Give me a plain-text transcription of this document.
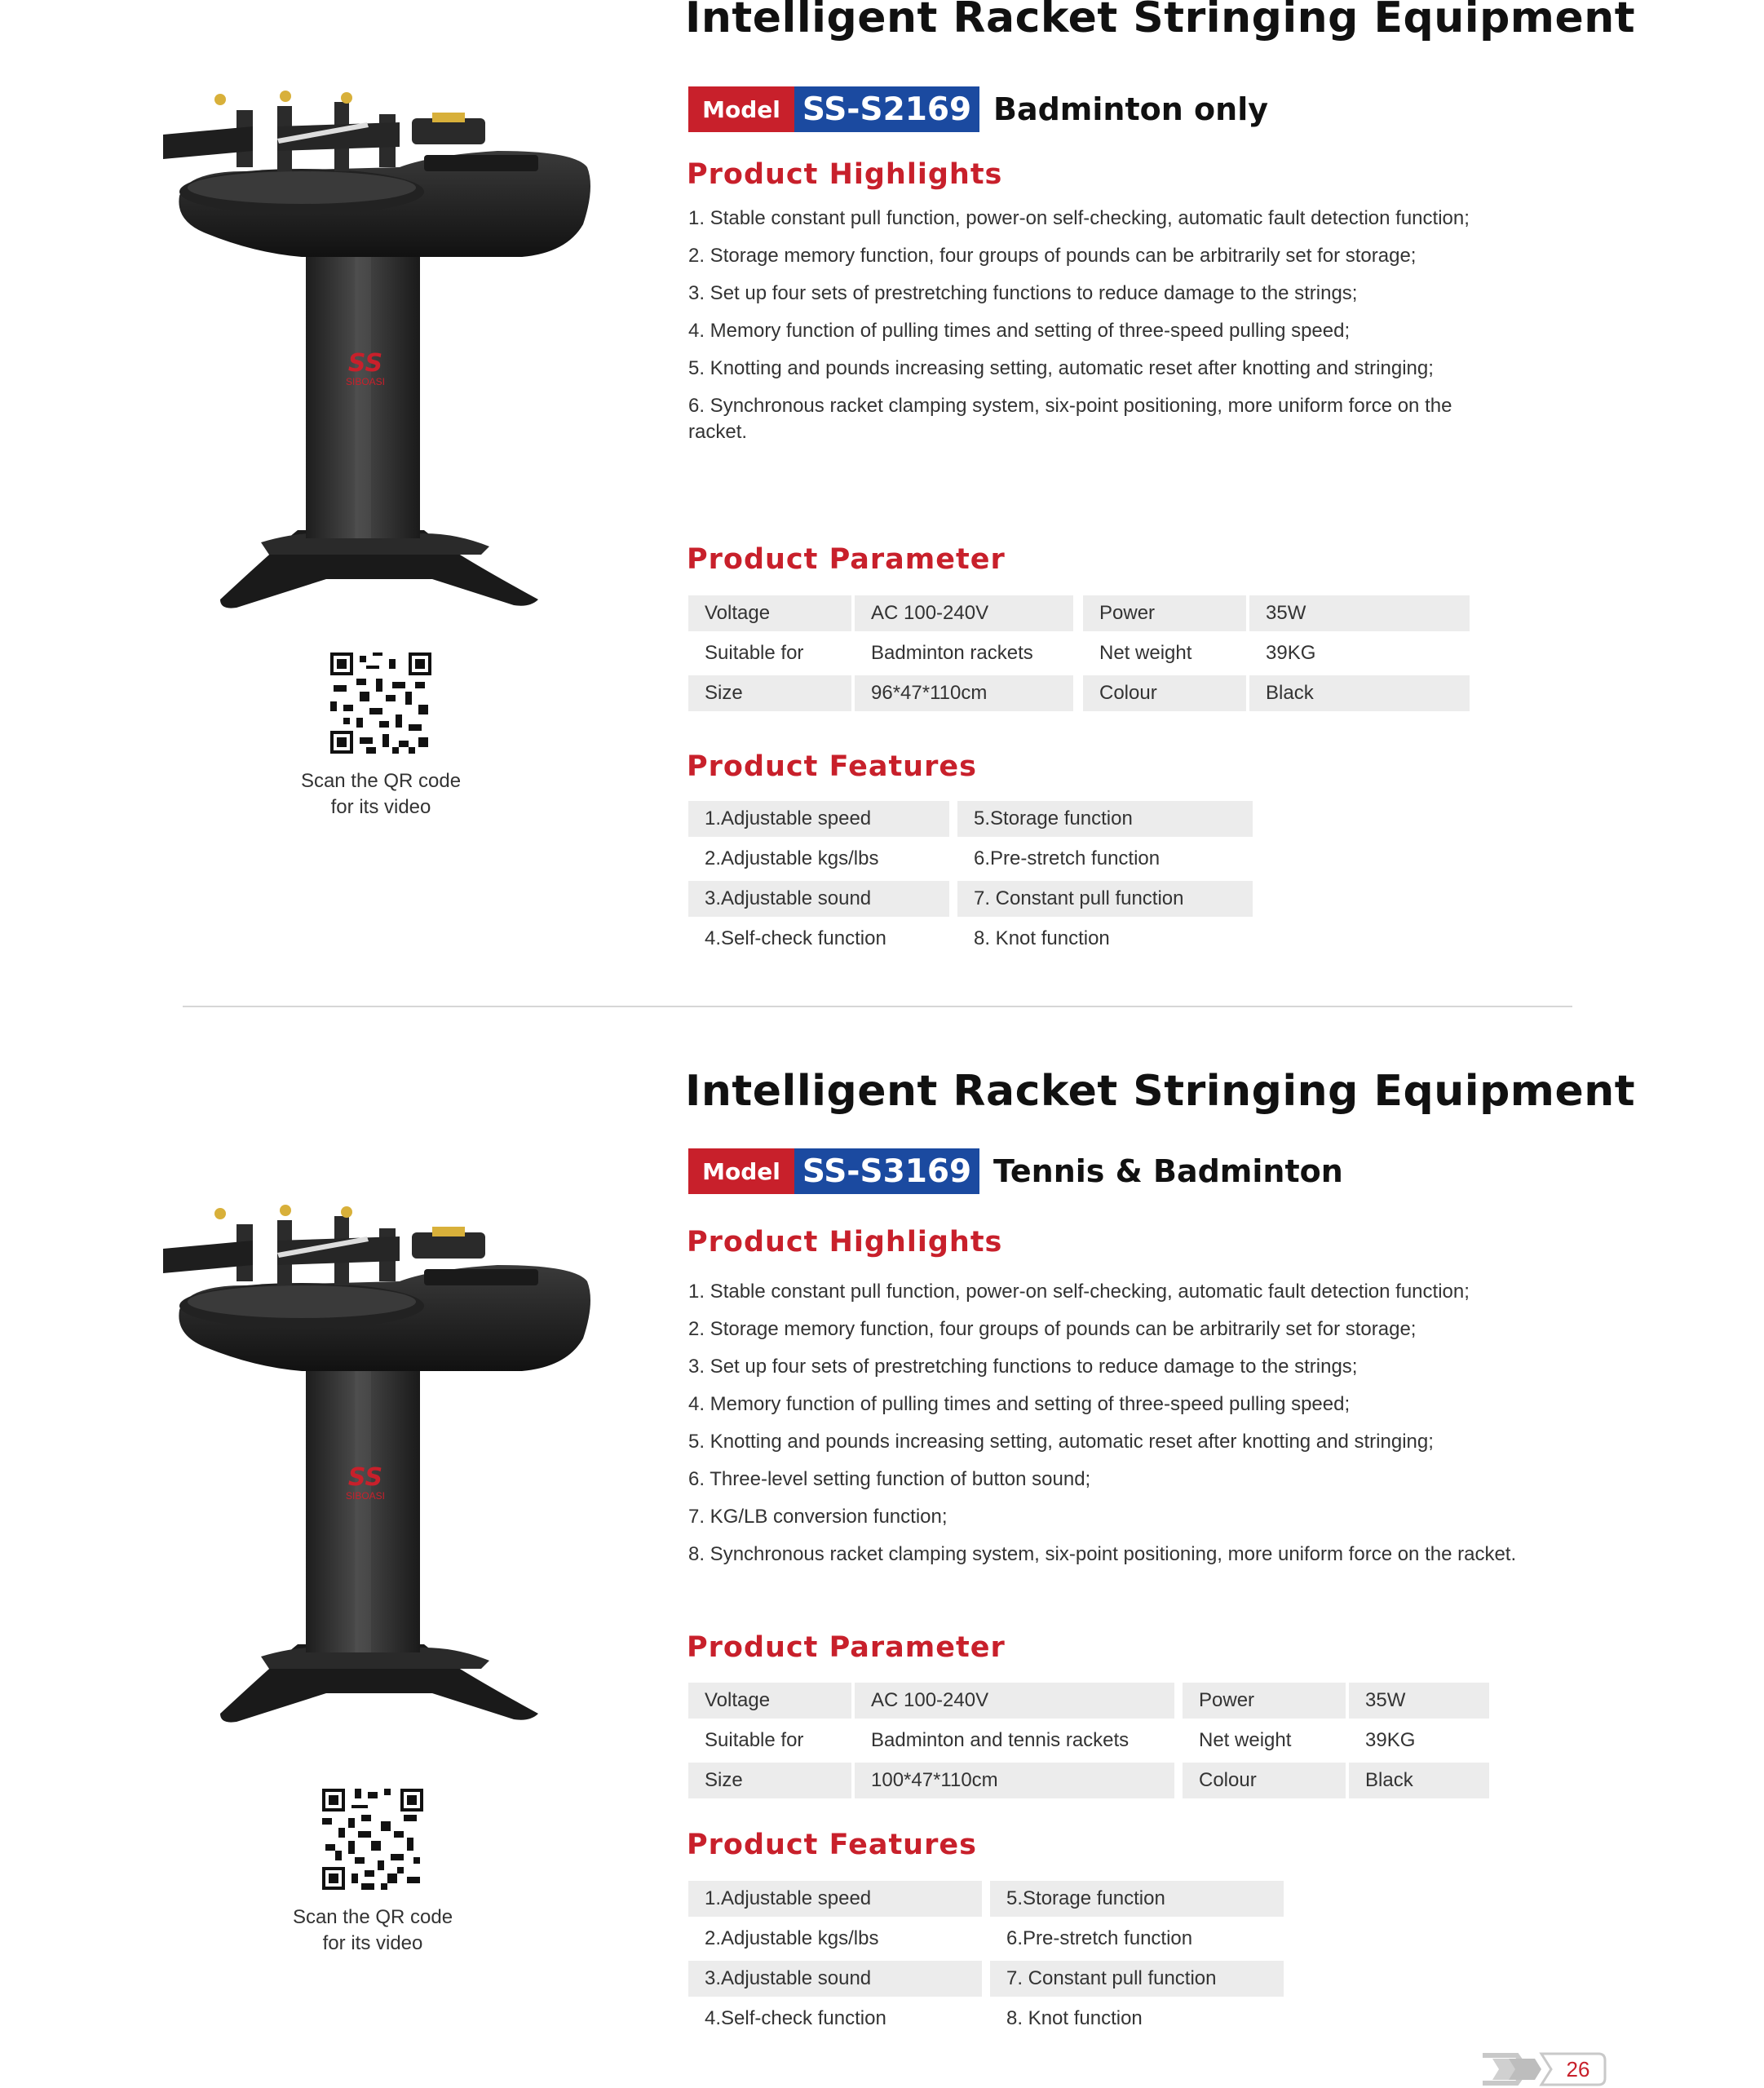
Intelligent Racket Stringing Equipment
Model SS-S2169 Badminton only
Product Highlights
1. Stable constant pull function, power-on self-checking, automatic fault detection function;
2. Storage memory function, four groups of pounds can be arbitrarily set for storage;
3. Set up four sets of prestretching functions to reduce damage to the strings;
4. Memory function of pulling times and setting of three-speed pulling speed;
5. Knotting and pounds increasing setting, automatic reset after knotting and stringing;
6. Synchronous racket clamping system, six-point positioning, more uniform force on the racket.
Product Parameter
Voltage	AC 100-240V	Power	35W
Suitable for	Badminton rackets	Net weight	39KG
Size	96*47*110cm	Colour	Black
Product Features
1.Adjustable speed	5.Storage function
2.Adjustable kgs/lbs	6.Pre-stretch function
3.Adjustable sound	7. Constant pull function
4.Self-check function	8. Knot function
SS
SIBOASI
Scan the QR code
for its video
Intelligent Racket Stringing Equipment
Model SS-S3169 Tennis & Badminton
Product Highlights
1. Stable constant pull function, power-on self-checking, automatic fault detection function;
2. Storage memory function, four groups of pounds can be arbitrarily set for storage;
3. Set up four sets of prestretching functions to reduce damage to the strings;
4. Memory function of pulling times and setting of three-speed pulling speed;
5. Knotting and pounds increasing setting, automatic reset after knotting and stringing;
6. Three-level setting function of button sound;
7. KG/LB conversion function;
8. Synchronous racket clamping system, six-point positioning, more uniform force on the racket.
Product Parameter
Voltage	AC 100-240V	Power	35W
Suitable for	Badminton and tennis rackets	Net weight	39KG
Size	100*47*110cm	Colour	Black
Product Features
1.Adjustable speed	5.Storage function
2.Adjustable kgs/lbs	6.Pre-stretch function
3.Adjustable sound	7. Constant pull function
4.Self-check function	8. Knot function
SS
SIBOASI
Scan the QR code
for its video
26
